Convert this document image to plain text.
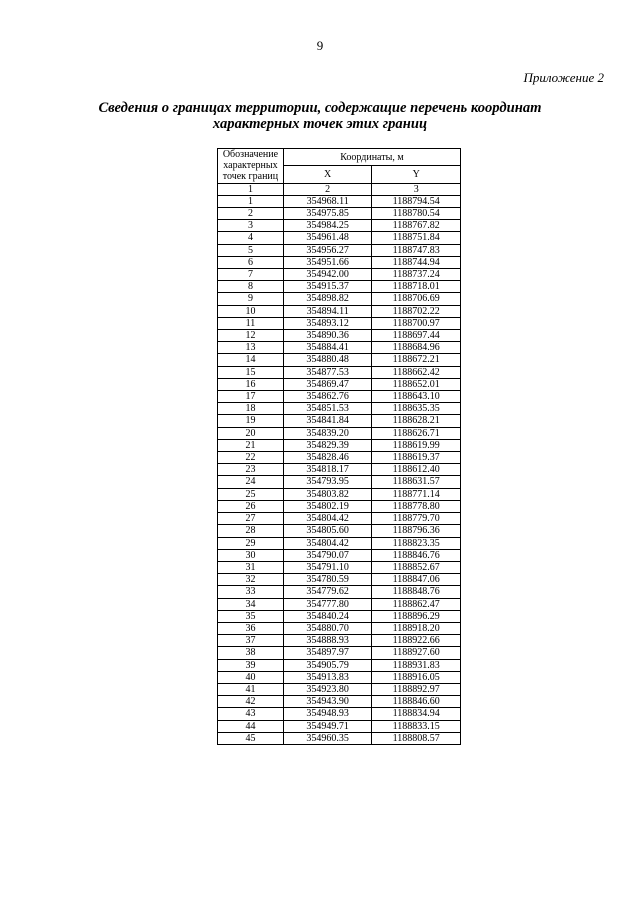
9
Приложение 2
Сведения о границах территории, содержащие перечень координат
характерных точек этих границ
Обозначение характерных точек границ	Координаты, м	
	X	Y
1	2	3
1	354968.11	1188794.54
2	354975.85	1188780.54
3	354984.25	1188767.82
4	354961.48	1188751.84
5	354956.27	1188747.83
6	354951.66	1188744.94
7	354942.00	1188737.24
8	354915.37	1188718.01
9	354898.82	1188706.69
10	354894.11	1188702.22
11	354893.12	1188700.97
12	354890.36	1188697.44
13	354884.41	1188684.96
14	354880.48	1188672.21
15	354877.53	1188662.42
16	354869.47	1188652.01
17	354862.76	1188643.10
18	354851.53	1188635.35
19	354841.84	1188628.21
20	354839.20	1188626.71
21	354829.39	1188619.99
22	354828.46	1188619.37
23	354818.17	1188612.40
24	354793.95	1188631.57
25	354803.82	1188771.14
26	354802.19	1188778.80
27	354804.42	1188779.70
28	354805.60	1188796.36
29	354804.42	1188823.35
30	354790.07	1188846.76
31	354791.10	1188852.67
32	354780.59	1188847.06
33	354779.62	1188848.76
34	354777.80	1188862.47
35	354840.24	1188896.29
36	354880.70	1188918.20
37	354888.93	1188922.66
38	354897.97	1188927.60
39	354905.79	1188931.83
40	354913.83	1188916.05
41	354923.80	1188892.97
42	354943.90	1188846.60
43	354948.93	1188834.94
44	354949.71	1188833.15
45	354960.35	1188808.57
